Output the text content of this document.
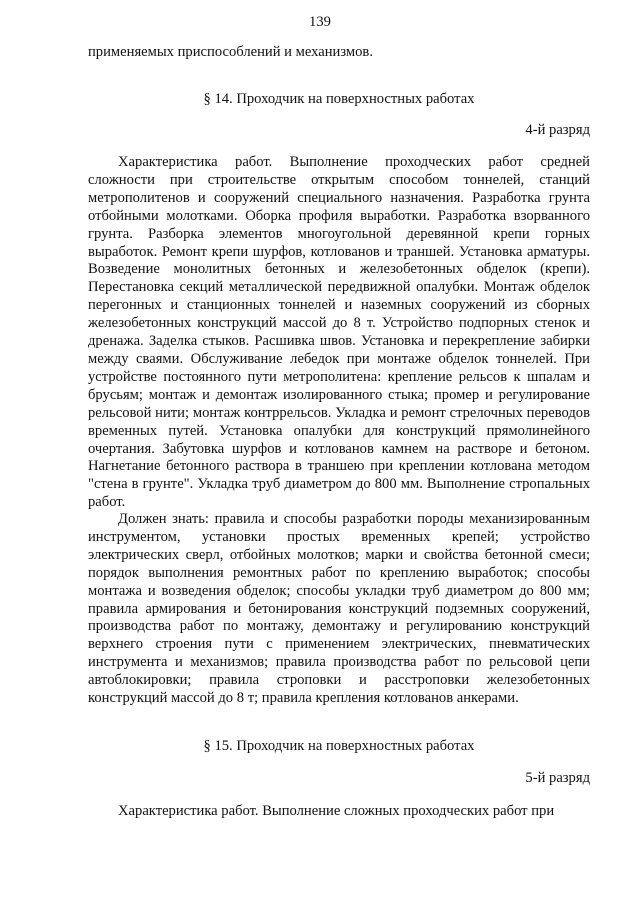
139
применяемых приспособлений и механизмов.
§ 14. Проходчик на поверхностных работах
4-й разряд

Характеристика работ. Выполнение проходческих работ средней сложности при строительстве открытым способом тоннелей, станций метрополитенов и сооружений специального назначения. Разработка грунта отбойными молотками. Оборка профиля выработки. Разработка взорванного грунта. Разборка элементов многоугольной деревянной крепи горных выработок. Ремонт крепи шурфов, котлованов и траншей. Установка арматуры. Возведение монолитных бетонных и железобетонных обделок (крепи). Перестановка секций металлической передвижной опалубки. Монтаж обделок перегонных и станционных тоннелей и наземных сооружений из сборных железобетонных конструкций массой до 8 т. Устройство подпорных стенок и дренажа. Заделка стыков. Расшивка швов. Установка и перекрепление забирки между сваями. Обслуживание лебедок при монтаже обделок тоннелей. При устройстве постоянного пути метрополитена: крепление рельсов к шпалам и брусьям; монтаж и демонтаж изолированного стыка; промер и регулирование рельсовой нити; монтаж контррельсов. Укладка и ремонт стрелочных переводов временных путей. Установка опалубки для конструкций прямолинейного очертания. Забутовка шурфов и котлованов камнем на растворе и бетоном. Нагнетание бетонного раствора в траншею при креплении котлована методом "стена в грунте". Укладка труб диаметром до 800 мм. Выполнение стропальных работ.

Должен знать: правила и способы разработки породы механизированным инструментом, установки простых временных крепей; устройство электрических сверл, отбойных молотков; марки и свойства бетонной смеси; порядок выполнения ремонтных работ по креплению выработок; способы монтажа и возведения обделок; способы укладки труб диаметром до 800 мм; правила армирования и бетонирования конструкций подземных сооружений, производства работ по монтажу, демонтажу и регулированию конструкций верхнего строения пути с применением электрических, пневматических инструмента и механизмов; правила производства работ по рельсовой цепи автоблокировки; правила строповки и расстроповки железобетонных конструкций массой до 8 т; правила крепления котлованов анкерами.

§ 15. Проходчик на поверхностных работах
5-й разряд

Характеристика работ. Выполнение сложных проходческих работ при
